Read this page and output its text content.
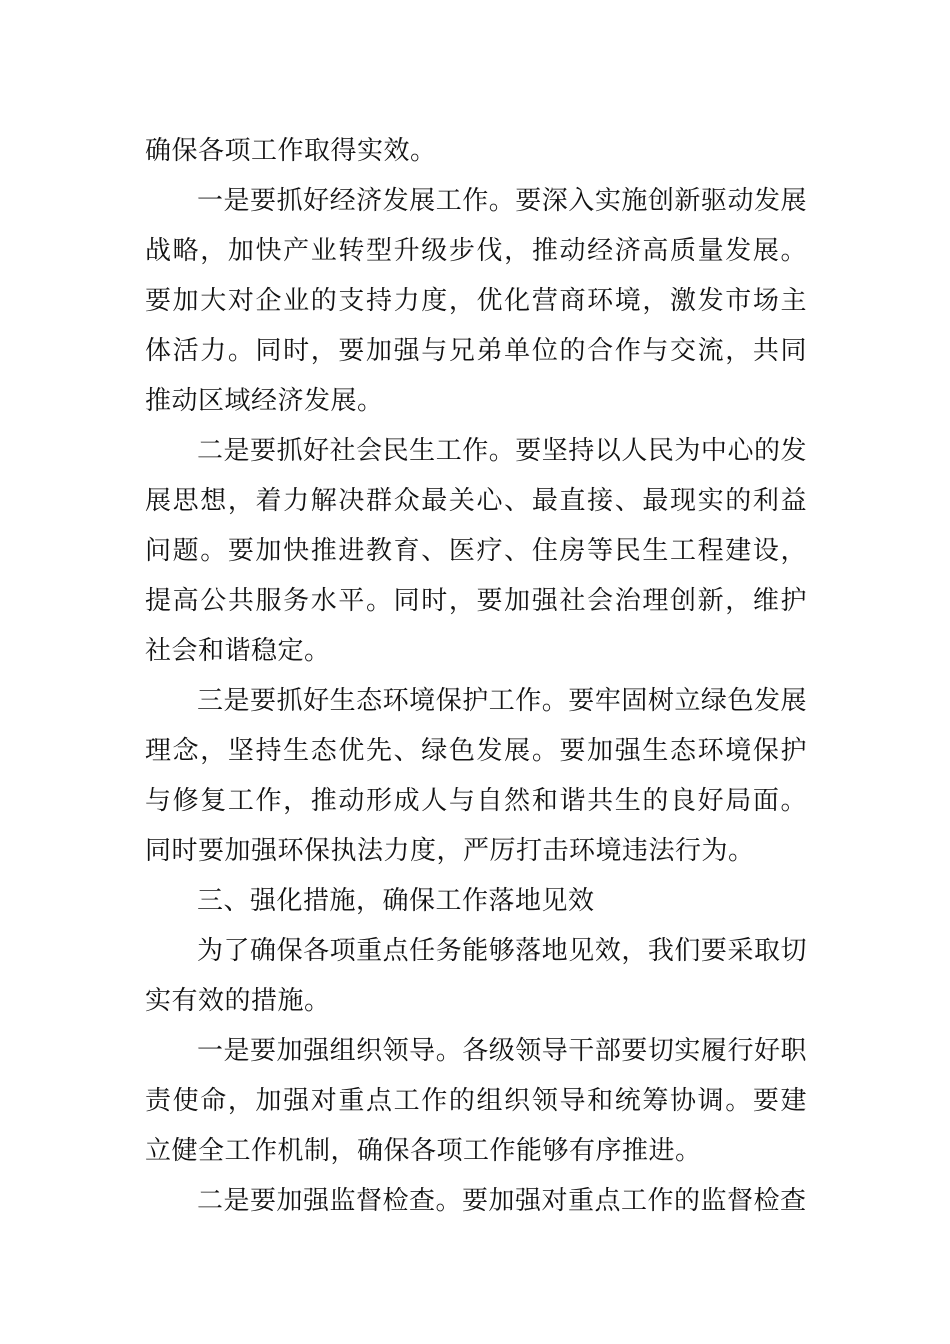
确保各项工作取得实效。

一是要抓好经济发展工作。要深入实施创新驱动发展战略，加快产业转型升级步伐，推动经济高质量发展。要加大对企业的支持力度，优化营商环境，激发市场主体活力。同时，要加强与兄弟单位的合作与交流，共同推动区域经济发展。

二是要抓好社会民生工作。要坚持以人民为中心的发展思想，着力解决群众最关心、最直接、最现实的利益问题。要加快推进教育、医疗、住房等民生工程建设，提高公共服务水平。同时，要加强社会治理创新，维护社会和谐稳定。

三是要抓好生态环境保护工作。要牢固树立绿色发展理念，坚持生态优先、绿色发展。要加强生态环境保护与修复工作，推动形成人与自然和谐共生的良好局面。同时要加强环保执法力度，严厉打击环境违法行为。

三、强化措施，确保工作落地见效

为了确保各项重点任务能够落地见效，我们要采取切实有效的措施。

一是要加强组织领导。各级领导干部要切实履行好职责使命，加强对重点工作的组织领导和统筹协调。要建立健全工作机制，确保各项工作能够有序推进。

二是要加强监督检查。要加强对重点工作的监督检查
